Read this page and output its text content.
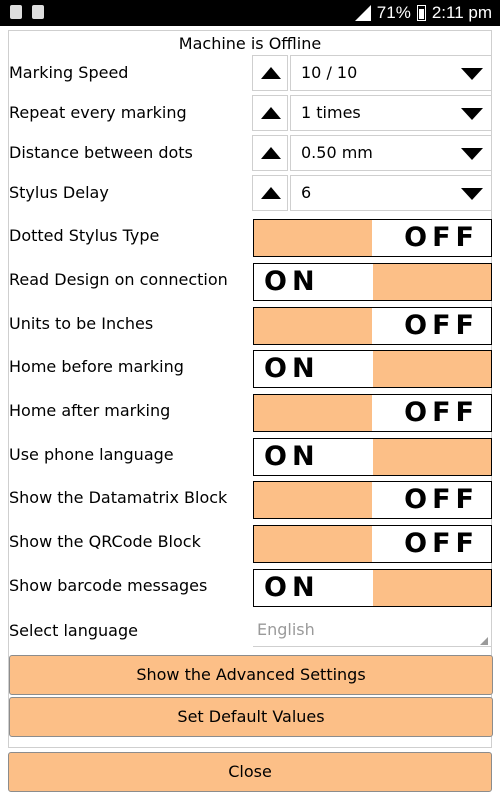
71% 2:11 pm
Machine is Offline
Marking Speed	10 / 10
Repeat every marking	1 times
Distance between dots	0.50 mm
Stylus Delay	6
Dotted Stylus Type	OFF
Read Design on connection ON
Units to be Inches	OFF
Home before marking	ON
Home after marking	OFF
Use phone language	ON
Show the Datamatrix Block	OFF
Show the QRCode Block	OFF
Show barcode messages ON
Select language	English
Show the Advanced Settings
Set Default Values
Close
